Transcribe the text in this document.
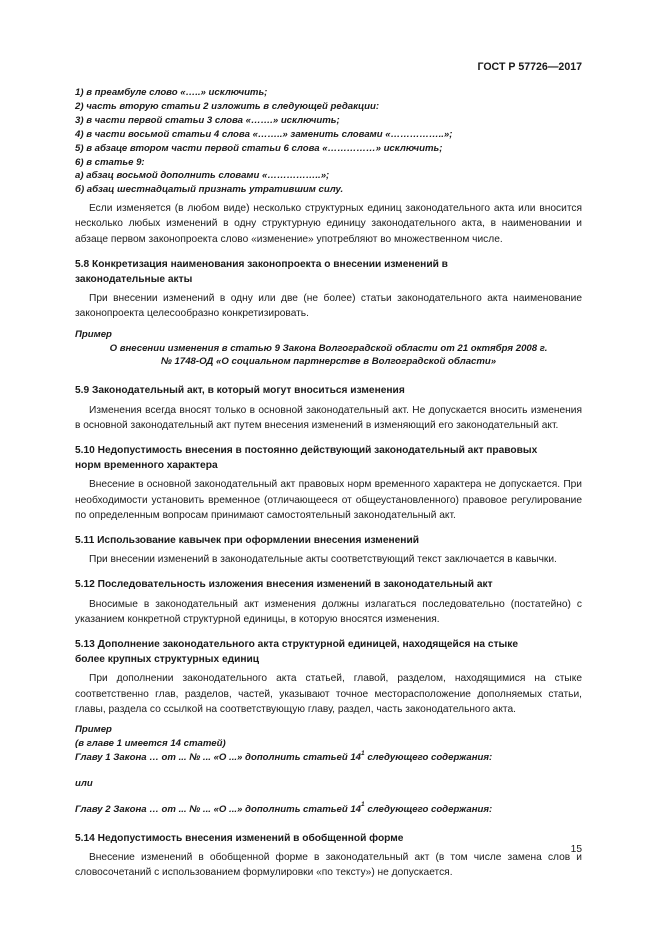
ГОСТ Р 57726—2017
1) в преамбуле слово «…..» исключить;
2) часть вторую статьи 2 изложить в следующей редакции:
3) в части первой статьи 3 слова «…….» исключить;
4) в части восьмой статьи 4 слова «……..» заменить словами «……………..»;
5) в абзаце втором части первой статьи 6 слова «……………» исключить;
6) в статье 9:
а) абзац восьмой дополнить словами «……………..»;
б) абзац шестнадцатый признать утратившим силу.

Если изменяется (в любом виде) несколько структурных единиц законодательного акта или вносится несколько любых изменений в одну структурную единицу законодательного акта, в наименовании и абзаце первом законопроекта слово «изменение» употребляют во множественном числе.

5.8 Конкретизация наименования законопроекта о внесении изменений в
законодательные акты

При внесении изменений в одну или две (не более) статьи законодательного акта наименование законопроекта целесообразно конкретизировать.

Пример
О внесении изменения в статью 9 Закона Волгоградской области от 21 октября 2008 г.
№ 1748-ОД «О социальном партнерстве в Волгоградской области»
5.9 Законодательный акт, в который могут вноситься изменения

Изменения всегда вносят только в основной законодательный акт. Не допускается вносить изменения в основной законодательный акт путем внесения изменений в изменяющий его законодательный акт.

5.10 Недопустимость внесения в постоянно действующий законодательный акт правовых
норм временного характера

Внесение в основной законодательный акт правовых норм временного характера не допускается. При необходимости установить временное (отличающееся от общеустановленного) правовое регулирование по определенным вопросам принимают самостоятельный законодательный акт.

5.11 Использование кавычек при оформлении внесения изменений

При внесении изменений в законодательные акты соответствующий текст заключается в кавычки.

5.12 Последовательность изложения внесения изменений в законодательный акт

Вносимые в законодательный акт изменения должны излагаться последовательно (постатейно) с указанием конкретной структурной единицы, в которую вносятся изменения.

5.13 Дополнение законодательного акта структурной единицей, находящейся на стыке
более крупных структурных единиц

При дополнении законодательного акта статьей, главой, разделом, находящимися на стыке соответственно глав, разделов, частей, указывают точное месторасположение дополняемых статьи, главы, раздела со ссылкой на соответствующую главу, раздел, часть законодательного акта.

Пример
(в главе 1 имеется 14 статей)
Главу 1 Закона … от ... № ... «О ...» дополнить статьей $14^1$ следующего содержания:
или
Главу 2 Закона … от ... № ... «О ...» дополнить статьей $14^1$ следующего содержания:
5.14 Недопустимость внесения изменений в обобщенной форме

Внесение изменений в обобщенной форме в законодательный акт (в том числе замена слов и словосочетаний с использованием формулировки «по тексту») не допускается.

15
